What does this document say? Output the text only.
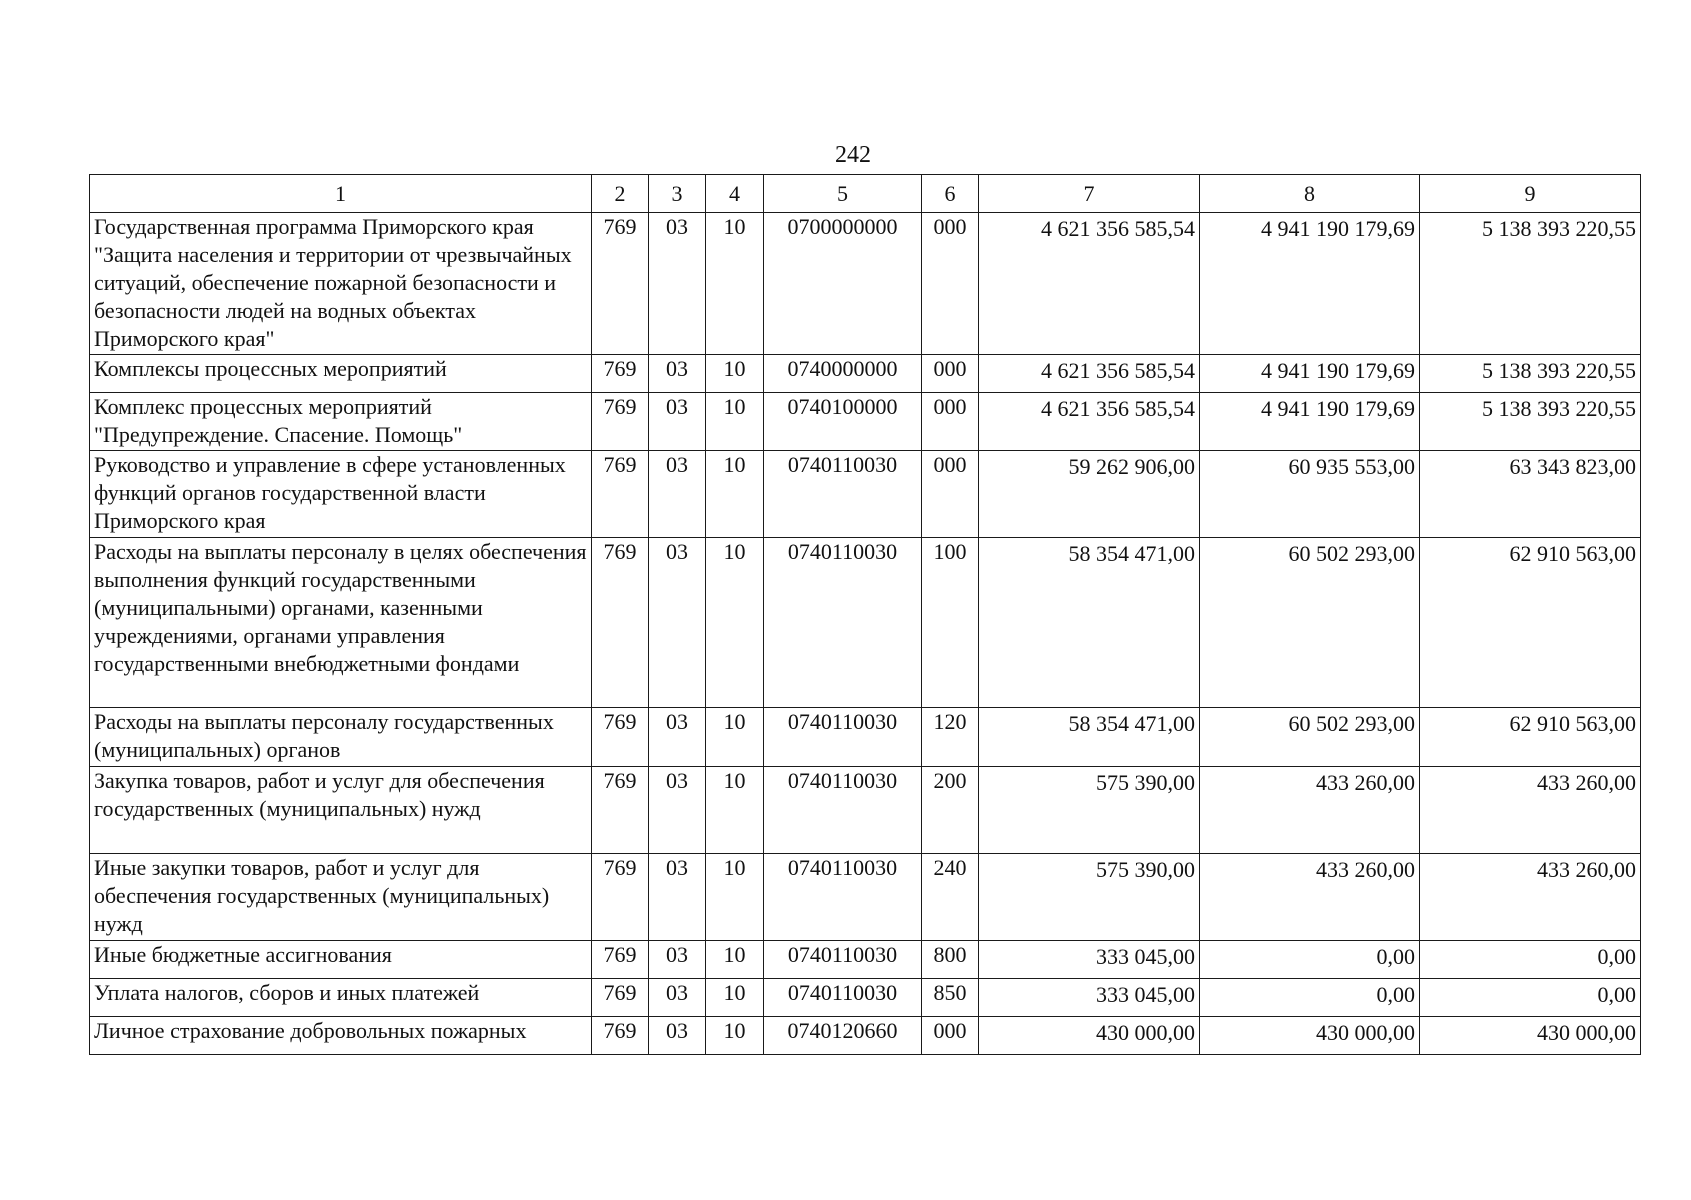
242
1	2	3	4	5	6	7	8	9
Государственная программа Приморского края "Защита населения и территории от чрезвычайных ситуаций, обеспечение пожарной безопасности и безопасности людей на водных объектах Приморского края"	769	03	10	0700000000	000	4 621 356 585,54	4 941 190 179,69	5 138 393 220,55
Комплексы процессных мероприятий	769	03	10	0740000000	000	4 621 356 585,54	4 941 190 179,69	5 138 393 220,55
Комплекс процессных мероприятий "Предупреждение. Спасение. Помощь"	769	03	10	0740100000	000	4 621 356 585,54	4 941 190 179,69	5 138 393 220,55
Руководство и управление в сфере установленных функций органов государственной власти Приморского края	769	03	10	0740110030	000	59 262 906,00	60 935 553,00	63 343 823,00
Расходы на выплаты персоналу в целях обеспечения выполнения функций государственными (муниципальными) органами, казенными учреждениями, органами управления государственными внебюджетными фондами	769	03	10	0740110030	100	58 354 471,00	60 502 293,00	62 910 563,00
Расходы на выплаты персоналу государственных (муниципальных) органов	769	03	10	0740110030	120	58 354 471,00	60 502 293,00	62 910 563,00
Закупка товаров, работ и услуг для обеспечения государственных (муниципальных) нужд	769	03	10	0740110030	200	575 390,00	433 260,00	433 260,00
Иные закупки товаров, работ и услуг для обеспечения государственных (муниципальных) нужд	769	03	10	0740110030	240	575 390,00	433 260,00	433 260,00
Иные бюджетные ассигнования	769	03	10	0740110030	800	333 045,00	0,00	0,00
Уплата налогов, сборов и иных платежей	769	03	10	0740110030	850	333 045,00	0,00	0,00
Личное страхование добровольных пожарных	769	03	10	0740120660	000	430 000,00	430 000,00	430 000,00
